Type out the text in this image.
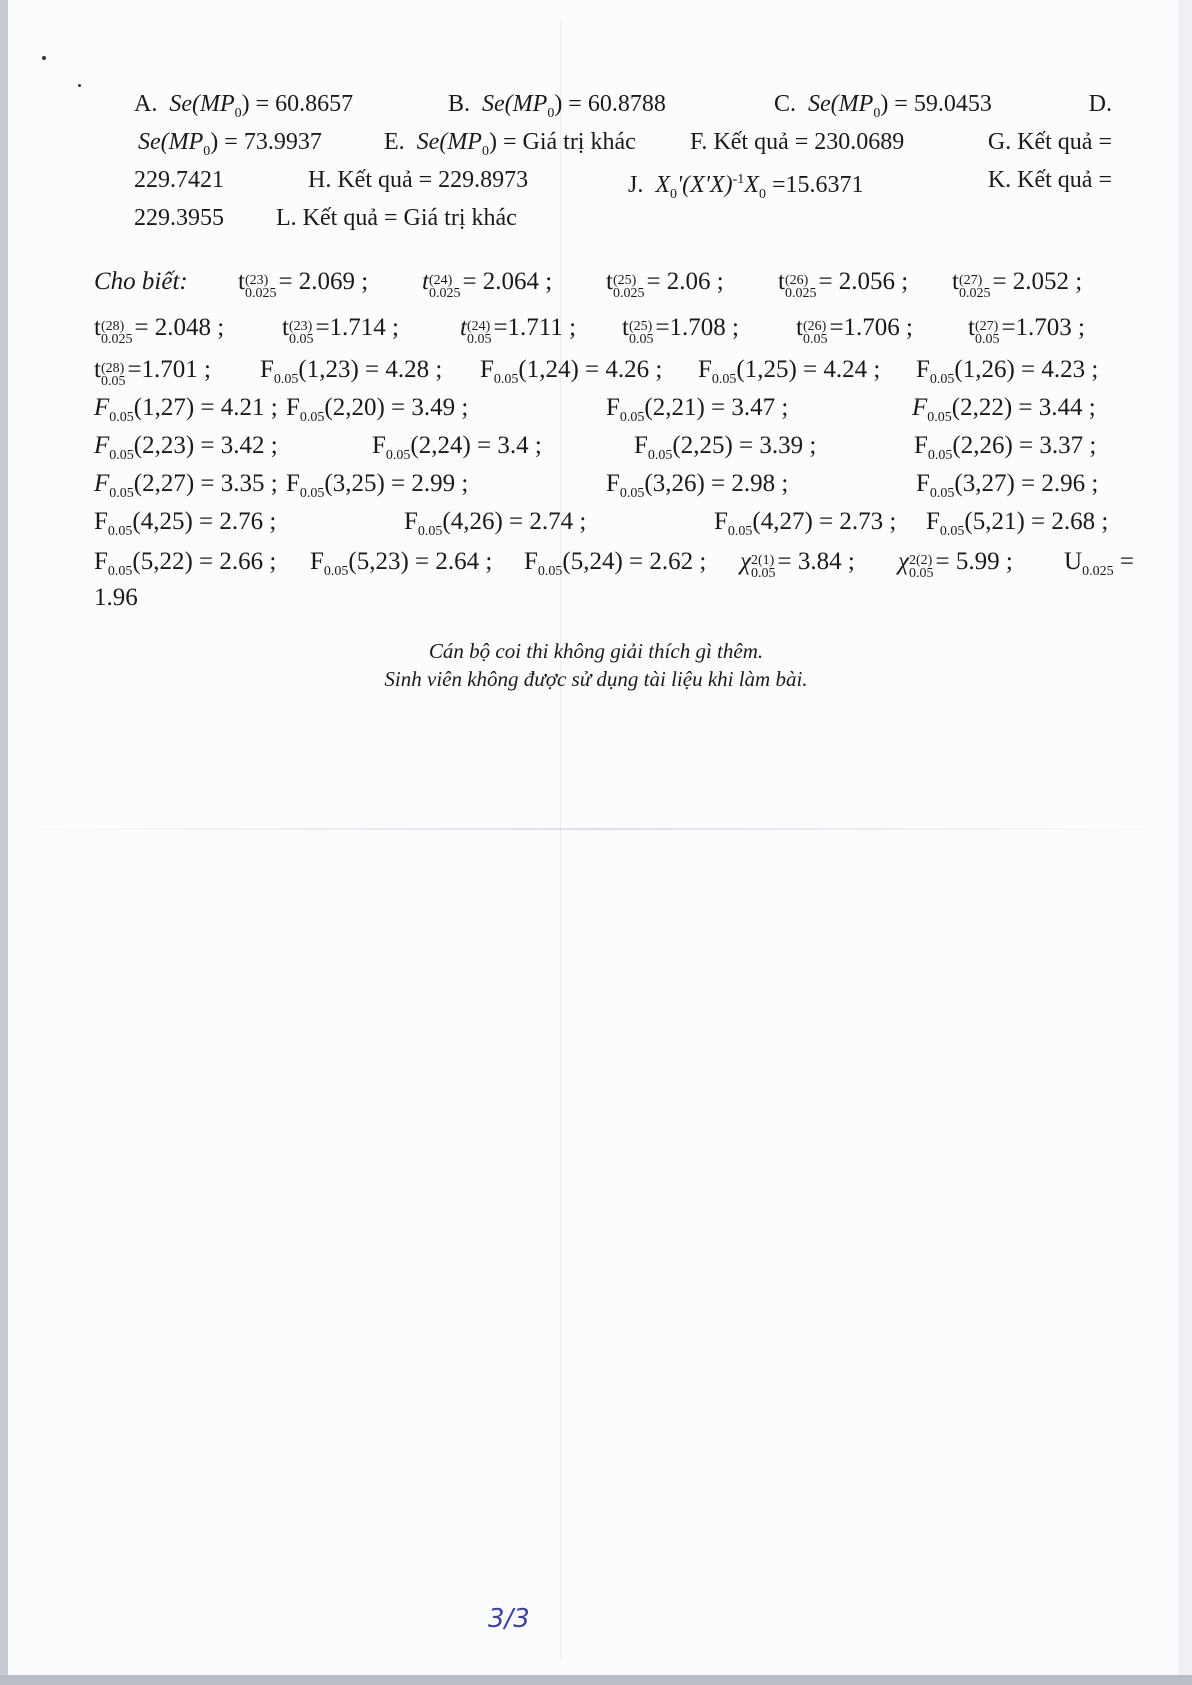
A. $Se(MP_0) = 60.8657$	B. $Se(MP_0) = 60.8788$	C. $Se(MP_0) = 59.0453$	D.
$Se(MP_0) = 73.9937$	E. $Se(MP_0)$ = Giá trị khác F. Kết quả = 230.0689	G. Kết quả =
229.7421	H. Kết quả = 229.8973	J. $X_0'(X'X)^{-1}X_0 =15.6371$	K. Kết quả =
229.3955 L. Kết quả = Giá trị khác
Cho biết: t (23)
0.025 = 2.069 ; t (24)
0.025 = 2.064 ; t (25)
0.025 = 2.06 ; t (26)
0.025 = 2.056 ; t (27)
0.025 = 2.052 ;
t (28)
0.025 = 2.048 ; t (23)
0.05 =1.714 ; t (24)
0.05 =1.711 ; t (25)
0.05 =1.708 ; t (26)
0.05 =1.706 ; t (27)
0.05 =1.703 ;
t (28)
0.05 =1.701 ; $F_{0.05}(1,23) = 4.28$ ; $F_{0.05}(1,24) = 4.26$ ; $F_{0.05}(1,25) = 4.24$ ; $F_{0.05}(1,26) = 4.23$ ;
$F_{0.05}(1,27) = 4.21$ ; $F_{0.05}(2,20) = 3.49$ ;	$F_{0.05}(2,21) = 3.47$ ;	$F_{0.05}(2,22) = 3.44$ ;
$F_{0.05}(2,23) = 3.42$ ;	$F_{0.05}(2,24) = 3.4$ ;	$F_{0.05}(2,25) = 3.39$ ;	$F_{0.05}(2,26) = 3.37$ ;
$F_{0.05}(2,27) = 3.35$ ; $F_{0.05}(3,25) = 2.99$ ;	$F_{0.05}(3,26) = 2.98$ ;	$F_{0.05}(3,27) = 2.96$ ;
$F_{0.05}(4,25) = 2.76$ ;	$F_{0.05}(4,26) = 2.74$ ;	$F_{0.05}(4,27) = 2.73$ ; $F_{0.05}(5,21) = 2.68$ ;
$F_{0.05}(5,22) = 2.66$ ; $F_{0.05}(5,23) = 2.64$ ; $F_{0.05}(5,24) = 2.62$ ; χ 2(1)
0.05 = 3.84 ; χ 2(2)
0.05 = 5.99 ; $U_{0.025}$ =
1.96
Cán bộ coi thi không giải thích gì thêm.
Sinh viên không được sử dụng tài liệu khi làm bài.
3/3
